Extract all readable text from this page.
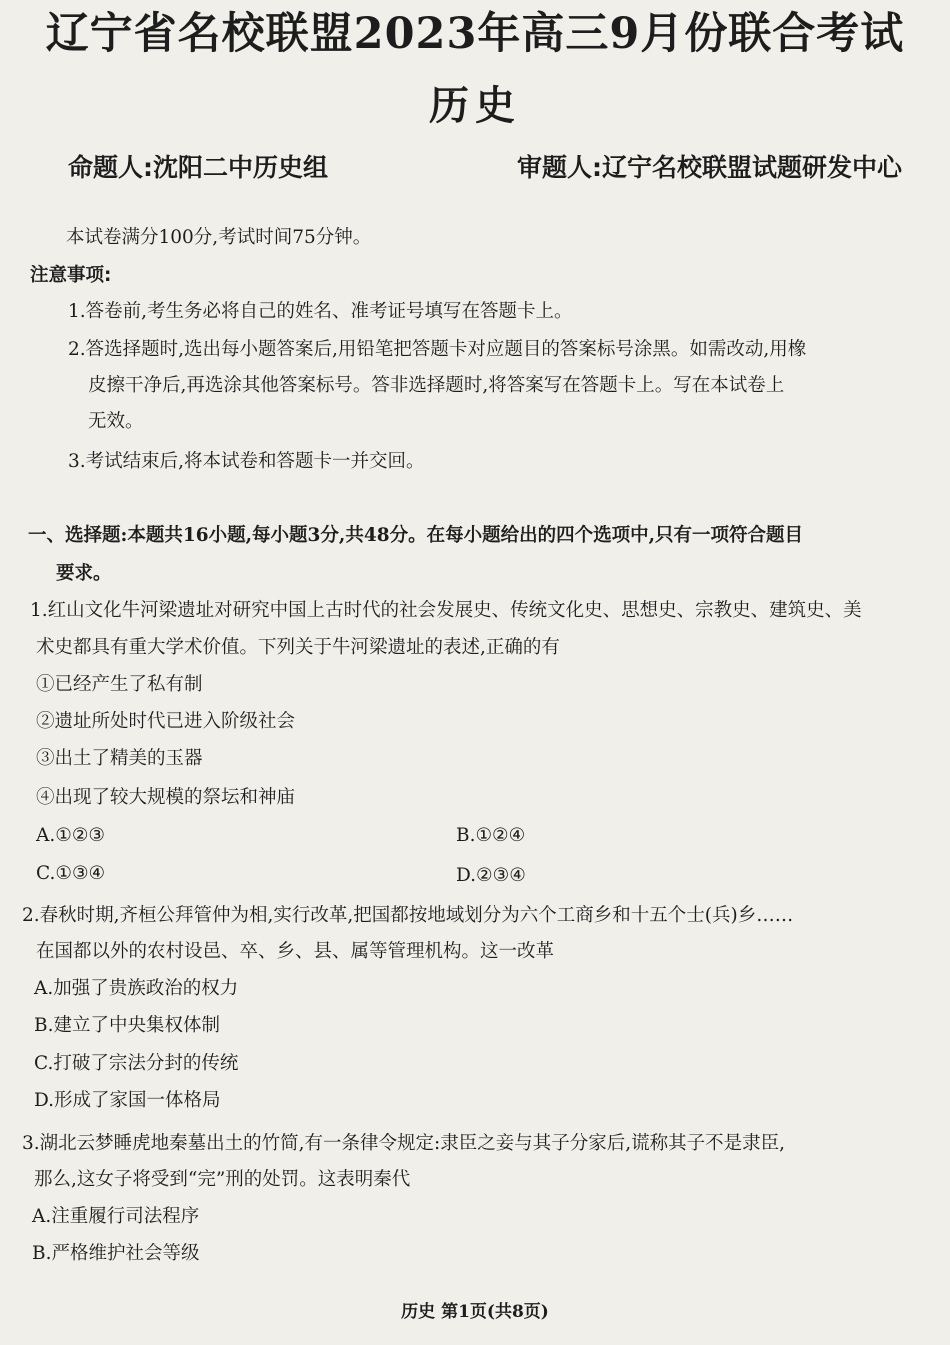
辽宁省名校联盟2023年高三9月份联合考试
历史
命题人:沈阳二中历史组	审题人:辽宁名校联盟试题研发中心
本试卷满分100分,考试时间75分钟。
注意事项:
1.答卷前,考生务必将自己的姓名、准考证号填写在答题卡上。
2.答选择题时,选出每小题答案后,用铅笔把答题卡对应题目的答案标号涂黑。如需改动,用橡
皮擦干净后,再选涂其他答案标号。答非选择题时,将答案写在答题卡上。写在本试卷上
无效。
3.考试结束后,将本试卷和答题卡一并交回。
一、选择题:本题共16小题,每小题3分,共48分。在每小题给出的四个选项中,只有一项符合题目
要求。
1.红山文化牛河梁遗址对研究中国上古时代的社会发展史、传统文化史、思想史、宗教史、建筑史、美
术史都具有重大学术价值。下列关于牛河梁遗址的表述,正确的有
①已经产生了私有制
②遗址所处时代已进入阶级社会
③出土了精美的玉器
④出现了较大规模的祭坛和神庙
A.①②③	B.①②④
C.①③④	D.②③④
2.春秋时期,齐桓公拜管仲为相,实行改革,把国都按地域划分为六个工商乡和十五个士(兵)乡……
在国都以外的农村设邑、卒、乡、县、属等管理机构。这一改革
A.加强了贵族政治的权力
B.建立了中央集权体制
C.打破了宗法分封的传统
D.形成了家国一体格局
3.湖北云梦睡虎地秦墓出土的竹简,有一条律令规定:隶臣之妾与其子分家后,谎称其子不是隶臣,
那么,这女子将受到“完”刑的处罚。这表明秦代
A.注重履行司法程序
B.严格维护社会等级
历史 第1页(共8页)
